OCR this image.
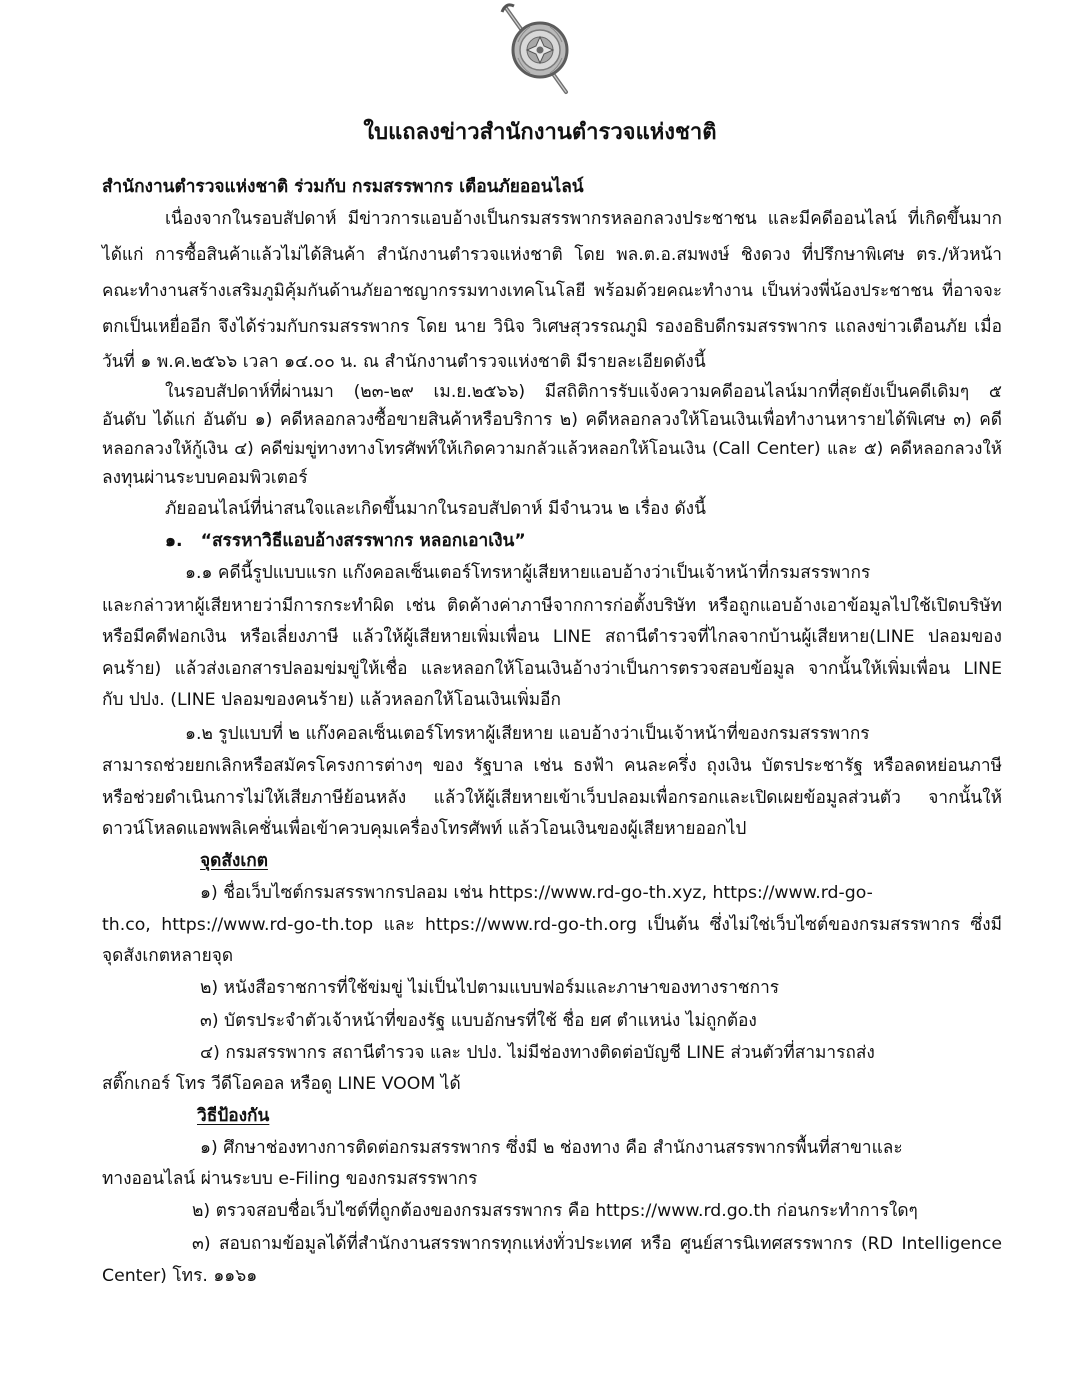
ใบแถลงข่าวสำนักงานตำรวจแห่งชาติ
สำนักงานตำรวจแห่งชาติ ร่วมกับ กรมสรรพากร เตือนภัยออนไลน์
เนื่องจากในรอบสัปดาห์ มีข่าวการแอบอ้างเป็นกรมสรรพากรหลอกลวงประชาชน และมีคดีออนไลน์ ที่เกิดขึ้นมาก
ได้แก่ การซื้อสินค้าแล้วไม่ได้สินค้า สำนักงานตำรวจแห่งชาติ โดย พล.ต.อ.สมพงษ์ ชิงดวง ที่ปรึกษาพิเศษ ตร./หัวหน้า
คณะทำงานสร้างเสริมภูมิคุ้มกันด้านภัยอาชญากรรมทางเทคโนโลยี พร้อมด้วยคณะทำงาน เป็นห่วงพี่น้องประชาชน ที่อาจจะ
ตกเป็นเหยื่ออีก จึงได้ร่วมกับกรมสรรพากร โดย นาย วินิจ วิเศษสุวรรณภูมิ รองอธิบดีกรมสรรพากร แถลงข่าวเตือนภัย เมื่อ
วันที่ ๑ พ.ค.๒๕๖๖ เวลา ๑๔.๐๐ น. ณ สำนักงานตำรวจแห่งชาติ มีรายละเอียดดังนี้
ในรอบสัปดาห์ที่ผ่านมา (๒๓-๒๙ เม.ย.๒๕๖๖) มีสถิติการรับแจ้งความคดีออนไลน์มากที่สุดยังเป็นคดีเดิมๆ ๕
อันดับ ได้แก่ อันดับ ๑) คดีหลอกลวงซื้อขายสินค้าหรือบริการ ๒) คดีหลอกลวงให้โอนเงินเพื่อทำงานหารายได้พิเศษ ๓) คดี
หลอกลวงให้กู้เงิน ๔) คดีข่มขู่ทางทางโทรศัพท์ให้เกิดความกลัวแล้วหลอกให้โอนเงิน (Call Center) และ ๕) คดีหลอกลวงให้
ลงทุนผ่านระบบคอมพิวเตอร์
ภัยออนไลน์ที่น่าสนใจและเกิดขึ้นมากในรอบสัปดาห์ มีจำนวน ๒ เรื่อง ดังนี้
๑. “สรรหาวิธีแอบอ้างสรรพากร หลอกเอาเงิน”
๑.๑ คดีนี้รูปแบบแรก แก๊งคอลเซ็นเตอร์โทรหาผู้เสียหายแอบอ้างว่าเป็นเจ้าหน้าที่กรมสรรพากร
และกล่าวหาผู้เสียหายว่ามีการกระทำผิด เช่น ติดค้างค่าภาษีจากการก่อตั้งบริษัท หรือถูกแอบอ้างเอาข้อมูลไปใช้เปิดบริษัท
หรือมีคดีฟอกเงิน หรือเลี่ยงภาษี แล้วให้ผู้เสียหายเพิ่มเพื่อน LINE สถานีตำรวจที่ไกลจากบ้านผู้เสียหาย(LINE ปลอมของ
คนร้าย) แล้วส่งเอกสารปลอมข่มขู่ให้เชื่อ และหลอกให้โอนเงินอ้างว่าเป็นการตรวจสอบข้อมูล จากนั้นให้เพิ่มเพื่อน LINE
กับ ปปง. (LINE ปลอมของคนร้าย) แล้วหลอกให้โอนเงินเพิ่มอีก
๑.๒ รูปแบบที่ ๒ แก๊งคอลเซ็นเตอร์โทรหาผู้เสียหาย แอบอ้างว่าเป็นเจ้าหน้าที่ของกรมสรรพากร
สามารถช่วยยกเลิกหรือสมัครโครงการต่างๆ ของ รัฐบาล เช่น ธงฟ้า คนละครึ่ง ถุงเงิน บัตรประชารัฐ หรือลดหย่อนภาษี
หรือช่วยดำเนินการไม่ให้เสียภาษีย้อนหลัง แล้วให้ผู้เสียหายเข้าเว็บปลอมเพื่อกรอกและเปิดเผยข้อมูลส่วนตัว จากนั้นให้
ดาวน์โหลดแอพพลิเคชั่นเพื่อเข้าควบคุมเครื่องโทรศัพท์ แล้วโอนเงินของผู้เสียหายออกไป
จุดสังเกต
๑) ชื่อเว็บไซต์กรมสรรพากรปลอม เช่น https://www.rd-go-th.xyz, https://www.rd-go-
th.co, https://www.rd-go-th.top และ https://www.rd-go-th.org เป็นต้น ซึ่งไม่ใช่เว็บไซต์ของกรมสรรพากร ซึ่งมี
จุดสังเกตหลายจุด
๒) หนังสือราชการที่ใช้ข่มขู่ ไม่เป็นไปตามแบบฟอร์มและภาษาของทางราชการ
๓) บัตรประจำตัวเจ้าหน้าที่ของรัฐ แบบอักษรที่ใช้ ชื่อ ยศ ตำแหน่ง ไม่ถูกต้อง
๔) กรมสรรพากร สถานีตำรวจ และ ปปง. ไม่มีช่องทางติดต่อบัญชี LINE ส่วนตัวที่สามารถส่ง
สติ๊กเกอร์ โทร วีดีโอคอล หรือดู LINE VOOM ได้
วิธีป้องกัน
๑) ศึกษาช่องทางการติดต่อกรมสรรพากร ซึ่งมี ๒ ช่องทาง คือ สำนักงานสรรพากรพื้นที่สาขาและ
ทางออนไลน์ ผ่านระบบ e-Filing ของกรมสรรพากร
๒) ตรวจสอบชื่อเว็บไซต์ที่ถูกต้องของกรมสรรพากร คือ https://www.rd.go.th ก่อนกระทำการใดๆ
๓) สอบถามข้อมูลได้ที่สำนักงานสรรพากรทุกแห่งทั่วประเทศ หรือ ศูนย์สารนิเทศสรรพากร (RD Intelligence
Center) โทร. ๑๑๖๑
